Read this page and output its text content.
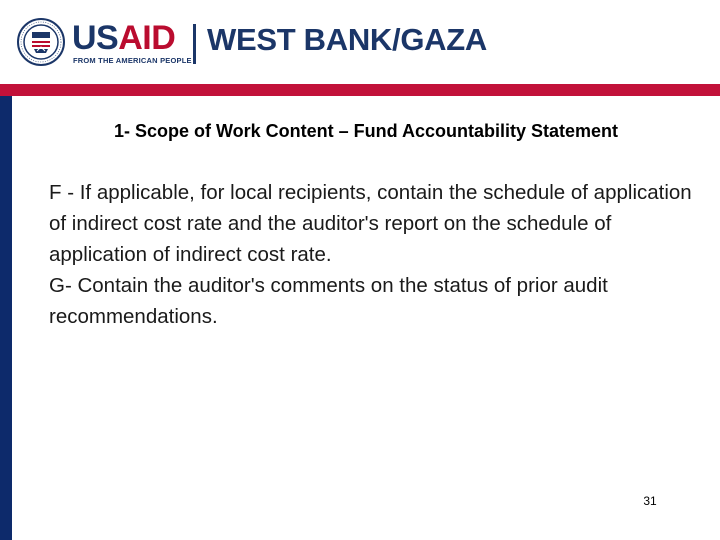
USAID
FROM THE AMERICAN PEOPLE
WEST BANK/GAZA
1- Scope of Work Content – Fund Accountability Statement

F - If applicable, for local recipients, contain the schedule of application of indirect cost rate and the auditor's report on the schedule of application of indirect cost rate.

G- Contain the auditor's comments on the status of prior audit recommendations.

31
